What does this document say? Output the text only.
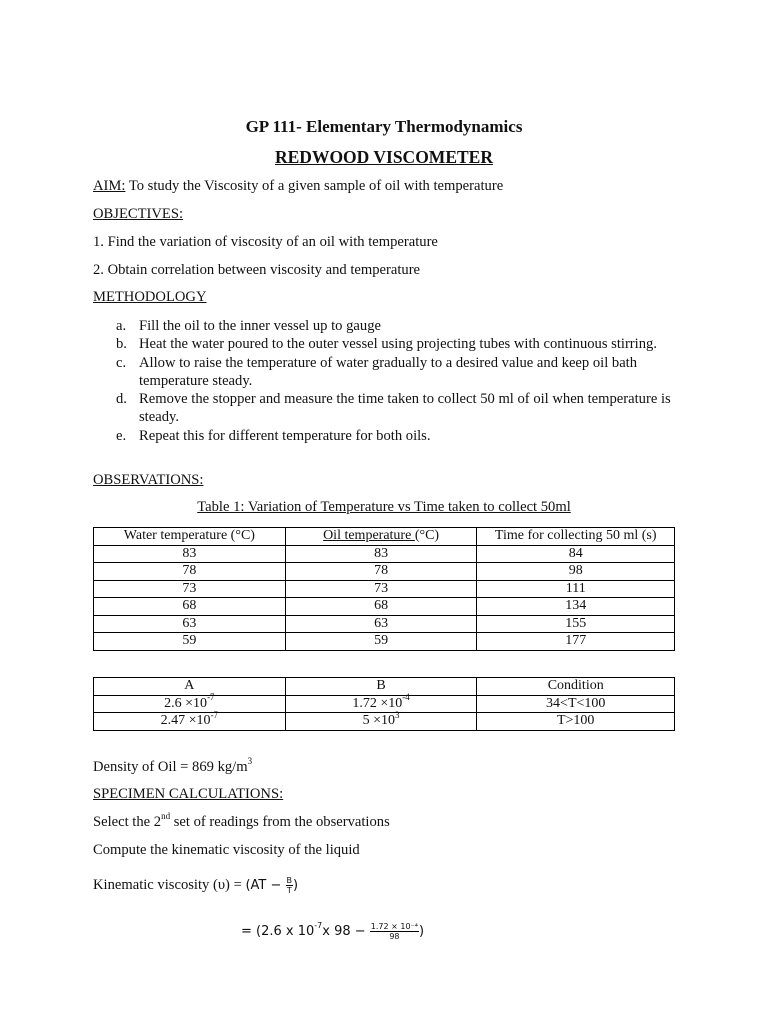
GP 111- Elementary Thermodynamics
REDWOOD VISCOMETER
AIM: To study the Viscosity of a given sample of oil with temperature
OBJECTIVES:
1. Find the variation of viscosity of an oil with temperature
2. Obtain correlation between viscosity and temperature
METHODOLOGY
a. Fill the oil to the inner vessel up to gauge
b. Heat the water poured to the outer vessel using projecting tubes with continuous stirring.
c. Allow to raise the temperature of water gradually to a desired value and keep oil bath temperature steady.
d. Remove the stopper and measure the time taken to collect 50 ml of oil when temperature is steady.
e. Repeat this for different temperature for both oils.
OBSERVATIONS:
Table 1: Variation of Temperature vs Time taken to collect 50ml
Water temperature (°C)	Oil temperature (°C)	Time for collecting 50 ml (s)
83	83	84
78	78	98
73	73	111
68	68	134
63	63	155
59	59	177
A	B	Condition
$2.6 \times 10^{-7}$	$1.72 \times 10^{-4}$	34<T<100
$2.47 \times 10^{-7}$	$5 \times 10^3$	T>100
Density of Oil = 869 $kg/m^3$
SPECIMEN CALCULATIONS:
Select the 2nd set of readings from the observations
Compute the kinematic viscosity of the liquid
Kinematic viscosity $(\upsilon) = (AT - \frac{B}{T}$ )
= (2.6 x $10^{-7}x$ $98 - \frac{\text{1.72 × 10⁻⁴}}{98}$ )
